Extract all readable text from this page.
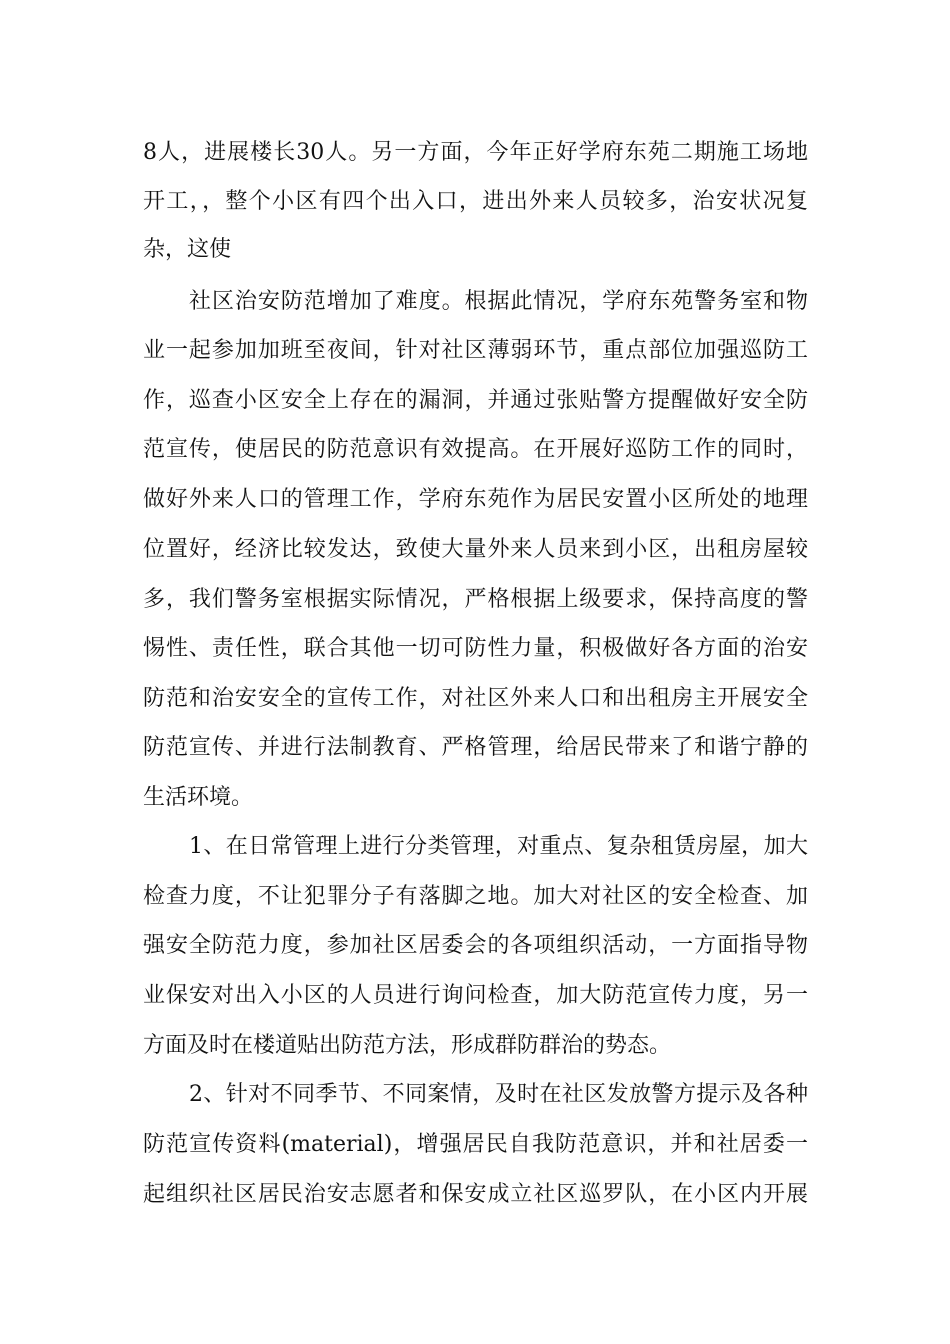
8人，进展楼长30人。另一方面，今年正好学府东苑二期施工场地
开工，，整个小区有四个出入口，进出外来人员较多，治安状况复
杂，这使
社区治安防范增加了难度。根据此情况，学府东苑警务室和物
业一起参加加班至夜间，针对社区薄弱环节，重点部位加强巡防工
作，巡查小区安全上存在的漏洞，并通过张贴警方提醒做好安全防
范宣传，使居民的防范意识有效提高。在开展好巡防工作的同时，
做好外来人口的管理工作，学府东苑作为居民安置小区所处的地理
位置好，经济比较发达，致使大量外来人员来到小区，出租房屋较
多，我们警务室根据实际情况，严格根据上级要求，保持高度的警
惕性、责任性，联合其他一切可防性力量，积极做好各方面的治安
防范和治安安全的宣传工作，对社区外来人口和出租房主开展安全
防范宣传、并进行法制教育、严格管理，给居民带来了和谐宁静的
生活环境。
1、在日常管理上进行分类管理，对重点、复杂租赁房屋，加大
检查力度，不让犯罪分子有落脚之地。加大对社区的安全检查、加
强安全防范力度，参加社区居委会的各项组织活动，一方面指导物
业保安对出入小区的人员进行询问检查，加大防范宣传力度，另一
方面及时在楼道贴出防范方法，形成群防群治的势态。
2、针对不同季节、不同案情，及时在社区发放警方提示及各种
防范宣传资料(material)，增强居民自我防范意识，并和社居委一
起组织社区居民治安志愿者和保安成立社区巡罗队，在小区内开展
